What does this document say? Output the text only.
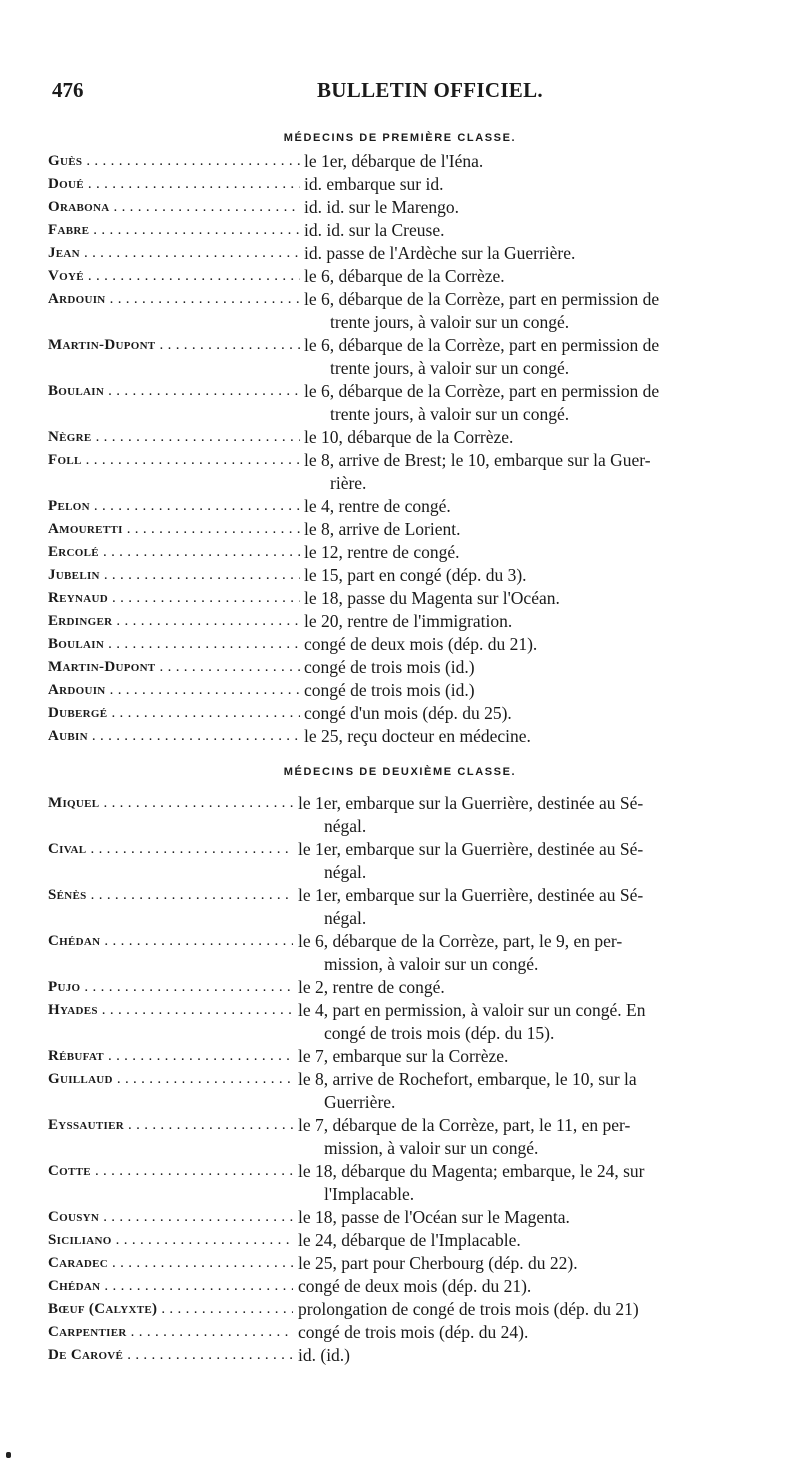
476	BULLETIN OFFICIEL.
MÉDECINS DE PREMIÈRE CLASSE.
Guès . . .	le 1er, débarque de l'Iéna.
Doué . . .	id. embarque sur id.
Orabona . . .	id. id. sur le Marengo.
Fabre . . .	id. id. sur la Creuse.
Jean . . .	id. passe de l'Ardèche sur la Guerrière.
Voyé . . .	le 6, débarque de la Corrèze.
Ardouin . . .	le 6, débarque de la Corrèze, part en permission de
trente jours, à valoir sur un congé.
Martin-Dupont . . .	le 6, débarque de la Corrèze, part en permission de
trente jours, à valoir sur un congé.
Boulain . . .	le 6, débarque de la Corrèze, part en permission de
trente jours, à valoir sur un congé.
Nègre . . .	le 10, débarque de la Corrèze.
Foll . . .	le 8, arrive de Brest; le 10, embarque sur la Guer-
rière.
Pelon . . .	le 4, rentre de congé.
Amouretti . . .	le 8, arrive de Lorient.
Ercolé . . .	le 12, rentre de congé.
Jubelin . . .	le 15, part en congé (dép. du 3).
Reynaud . . .	le 18, passe du Magenta sur l'Océan.
Erdinger . . .	le 20, rentre de l'immigration.
Boulain . . .	congé de deux mois (dép. du 21).
Martin-Dupont . . .	congé de trois mois (id.)
Ardouin . . .	congé de trois mois (id.)
Dubergé . . .	congé d'un mois (dép. du 25).
Aubin . . .	le 25, reçu docteur en médecine.
MÉDECINS DE DEUXIÈME CLASSE.
Miquel . . .	le 1er, embarque sur la Guerrière, destinée au Sé-
négal.
Cival . . .	le 1er, embarque sur la Guerrière, destinée au Sé-
négal.
Sénès . . .	le 1er, embarque sur la Guerrière, destinée au Sé-
négal.
Chédan . . .	le 6, débarque de la Corrèze, part, le 9, en per-
mission, à valoir sur un congé.
Pujo . . .	le 2, rentre de congé.
Hyades . . .	le 4, part en permission, à valoir sur un congé. En
congé de trois mois (dép. du 15).
Rébufat . . .	le 7, embarque sur la Corrèze.
Guillaud . . .	le 8, arrive de Rochefort, embarque, le 10, sur la
Guerrière.
Eyssautier . . .	le 7, débarque de la Corrèze, part, le 11, en per-
mission, à valoir sur un congé.
Cotte . . .	le 18, débarque du Magenta; embarque, le 24, sur
l'Implacable.
Cousyn . . .	le 18, passe de l'Océan sur le Magenta.
Siciliano . . .	le 24, débarque de l'Implacable.
Caradec . . .	le 25, part pour Cherbourg (dép. du 22).
Chédan . . .	congé de deux mois (dép. du 21).
Bœuf (Calyxte) . . .	prolongation de congé de trois mois (dép. du 21)
Carpentier . . .	congé de trois mois (dép. du 24).
De Carové . . .	id. (id.)
